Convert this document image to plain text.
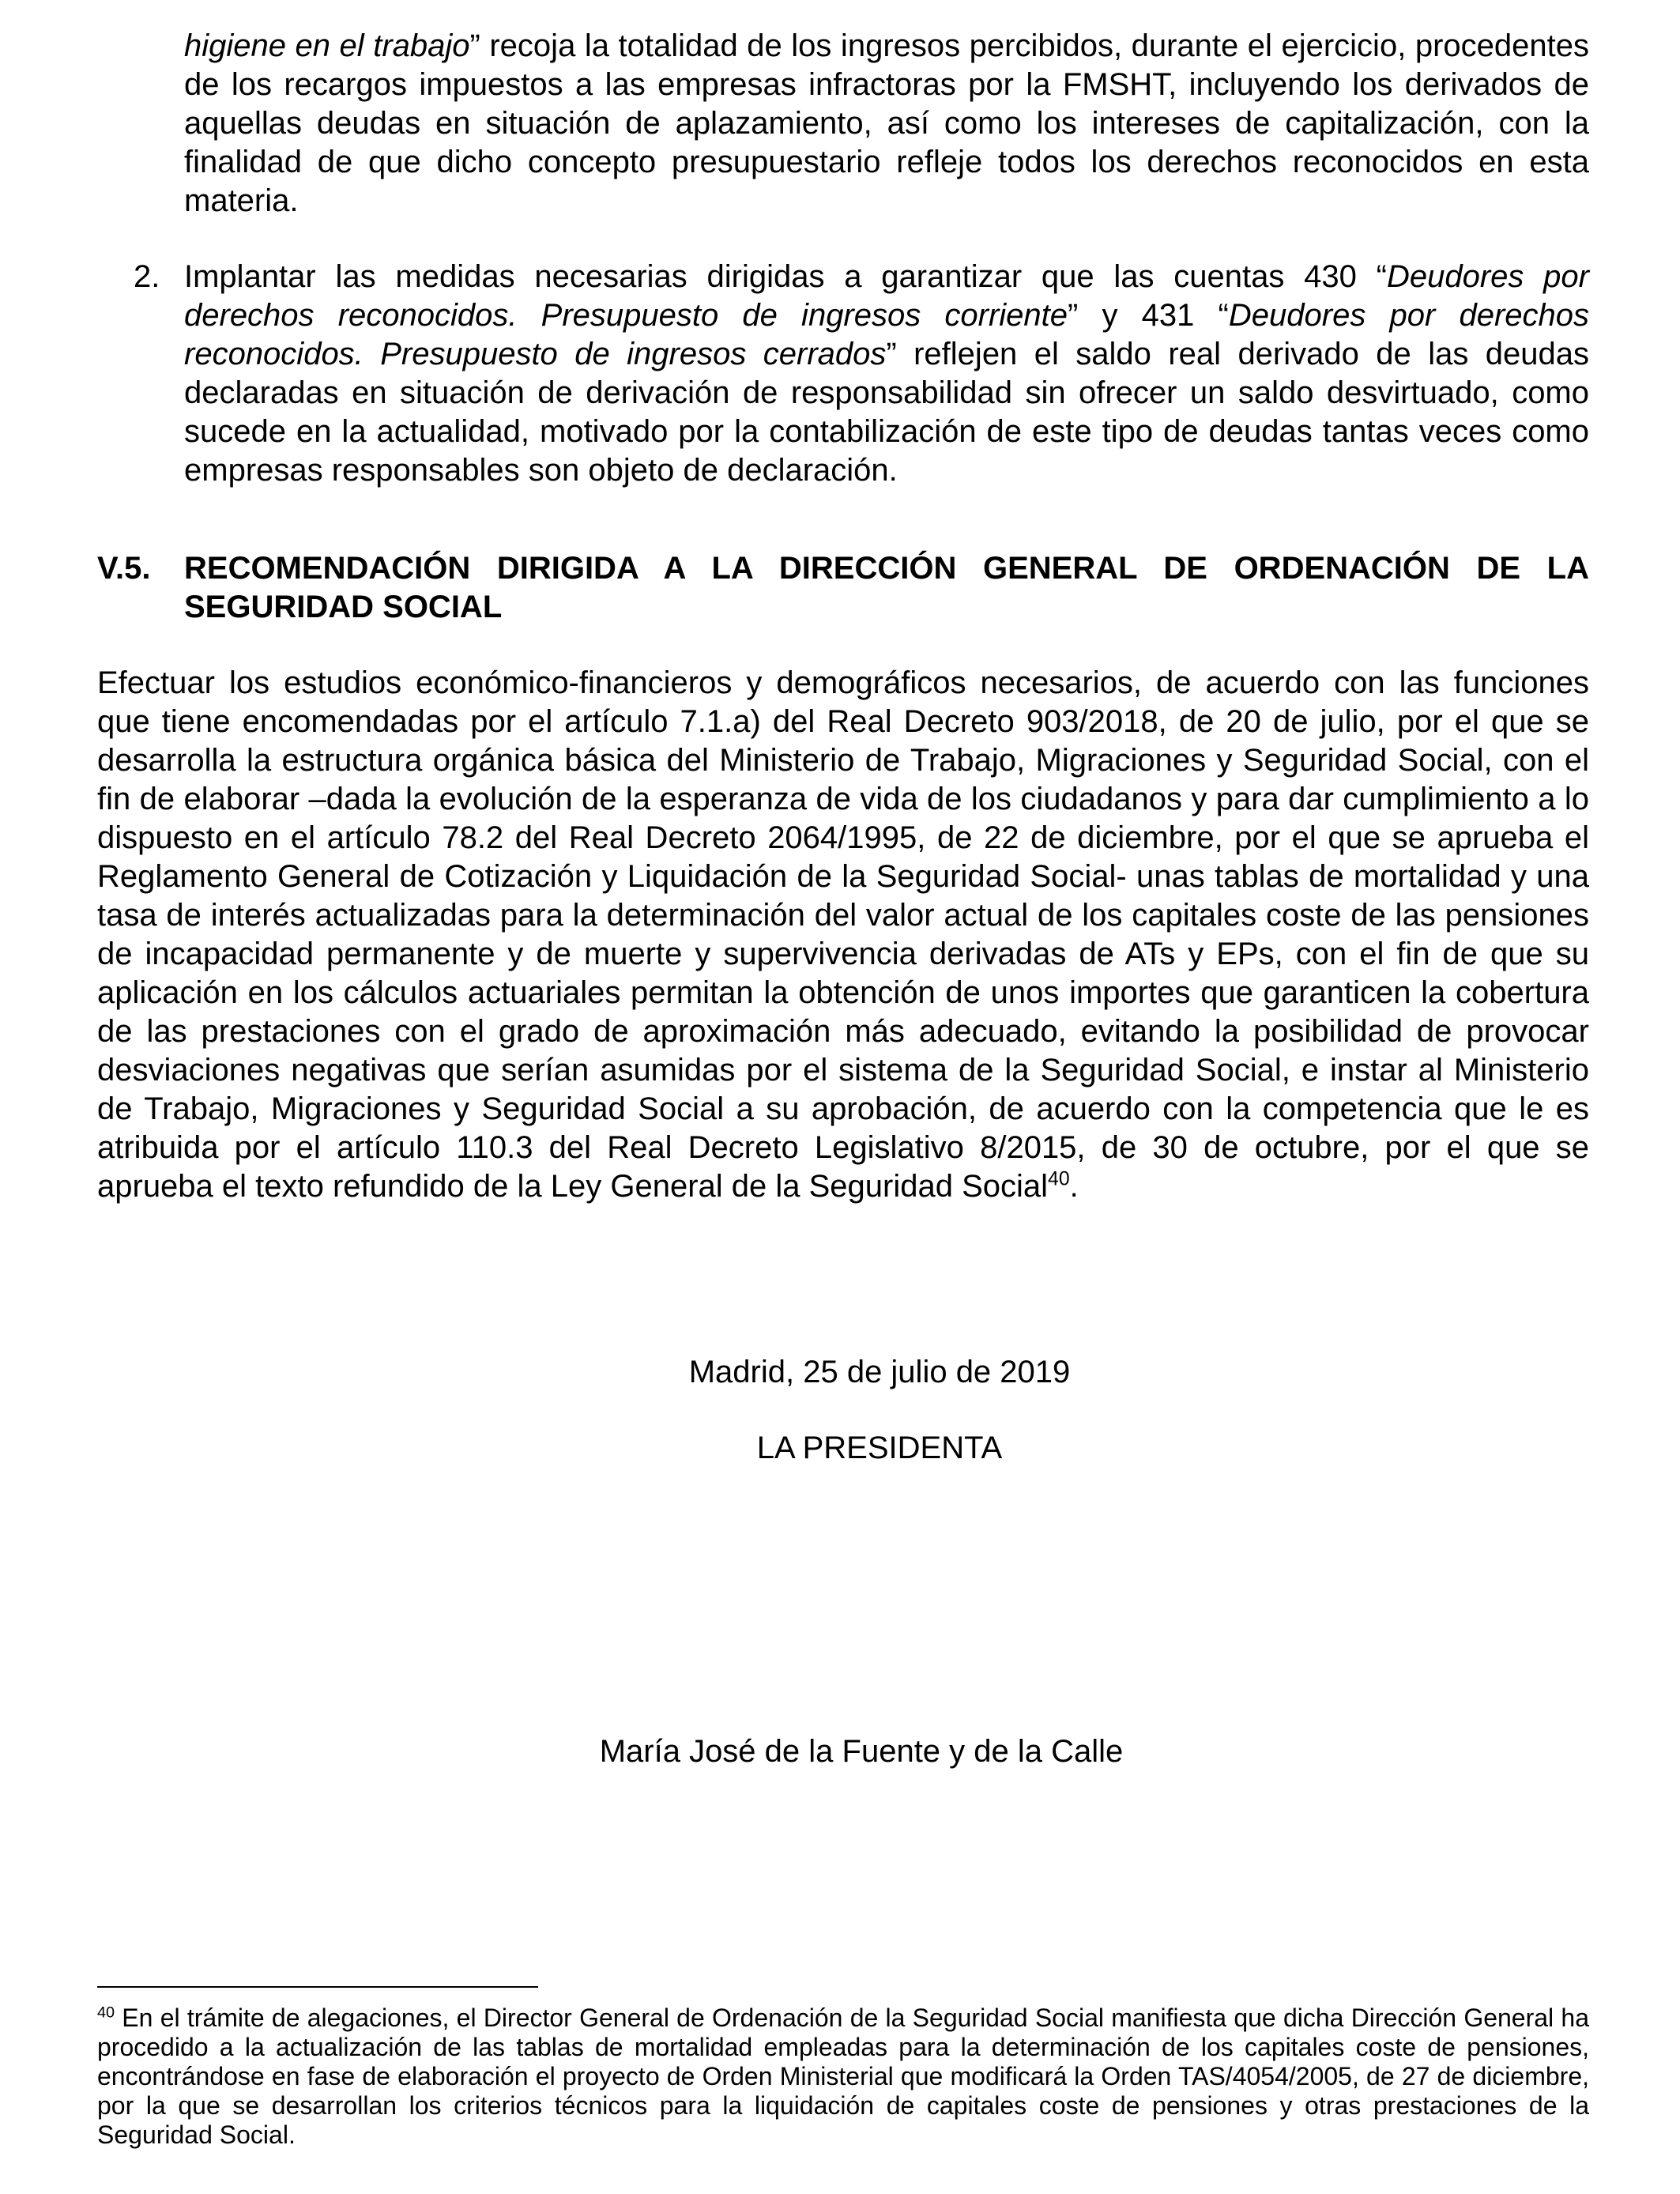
higiene en el trabajo” recoja la totalidad de los ingresos percibidos, durante el ejercicio, procedentes de los recargos impuestos a las empresas infractoras por la FMSHT, incluyendo los derivados de aquellas deudas en situación de aplazamiento, así como los intereses de capitalización, con la finalidad de que dicho concepto presupuestario refleje todos los derechos reconocidos en esta materia.

2. Implantar las medidas necesarias dirigidas a garantizar que las cuentas 430 “Deudores por derechos reconocidos. Presupuesto de ingresos corriente” y 431 “Deudores por derechos reconocidos. Presupuesto de ingresos cerrados” reflejen el saldo real derivado de las deudas declaradas en situación de derivación de responsabilidad sin ofrecer un saldo desvirtuado, como sucede en la actualidad, motivado por la contabilización de este tipo de deudas tantas veces como empresas responsables son objeto de declaración.

V.5.	RECOMENDACIÓN DIRIGIDA A LA DIRECCIÓN GENERAL DE ORDENACIÓN DE LA SEGURIDAD SOCIAL

Efectuar los estudios económico-financieros y demográficos necesarios, de acuerdo con las funciones que tiene encomendadas por el artículo 7.1.a) del Real Decreto 903/2018, de 20 de julio, por el que se desarrolla la estructura orgánica básica del Ministerio de Trabajo, Migraciones y Seguridad Social, con el fin de elaborar –dada la evolución de la esperanza de vida de los ciudadanos y para dar cumplimiento a lo dispuesto en el artículo 78.2 del Real Decreto 2064/1995, de 22 de diciembre, por el que se aprueba el Reglamento General de Cotización y Liquidación de la Seguridad Social- unas tablas de mortalidad y una tasa de interés actualizadas para la determinación del valor actual de los capitales coste de las pensiones de incapacidad permanente y de muerte y supervivencia derivadas de ATs y EPs, con el fin de que su aplicación en los cálculos actuariales permitan la obtención de unos importes que garanticen la cobertura de las prestaciones con el grado de aproximación más adecuado, evitando la posibilidad de provocar desviaciones negativas que serían asumidas por el sistema de la Seguridad Social, e instar al Ministerio de Trabajo, Migraciones y Seguridad Social a su aprobación, de acuerdo con la competencia que le es atribuida por el artículo 110.3 del Real Decreto Legislativo 8/2015, de 30 de octubre, por el que se aprueba el texto refundido de la Ley General de la Seguridad Social$^{40}$.

Madrid, 25 de julio de 2019
LA PRESIDENTA
María José de la Fuente y de la Calle

$^{40}$ En el trámite de alegaciones, el Director General de Ordenación de la Seguridad Social manifiesta que dicha Dirección General ha procedido a la actualización de las tablas de mortalidad empleadas para la determinación de los capitales coste de pensiones, encontrándose en fase de elaboración el proyecto de Orden Ministerial que modificará la Orden TAS/4054/2005, de 27 de diciembre, por la que se desarrollan los criterios técnicos para la liquidación de capitales coste de pensiones y otras prestaciones de la Seguridad Social.
